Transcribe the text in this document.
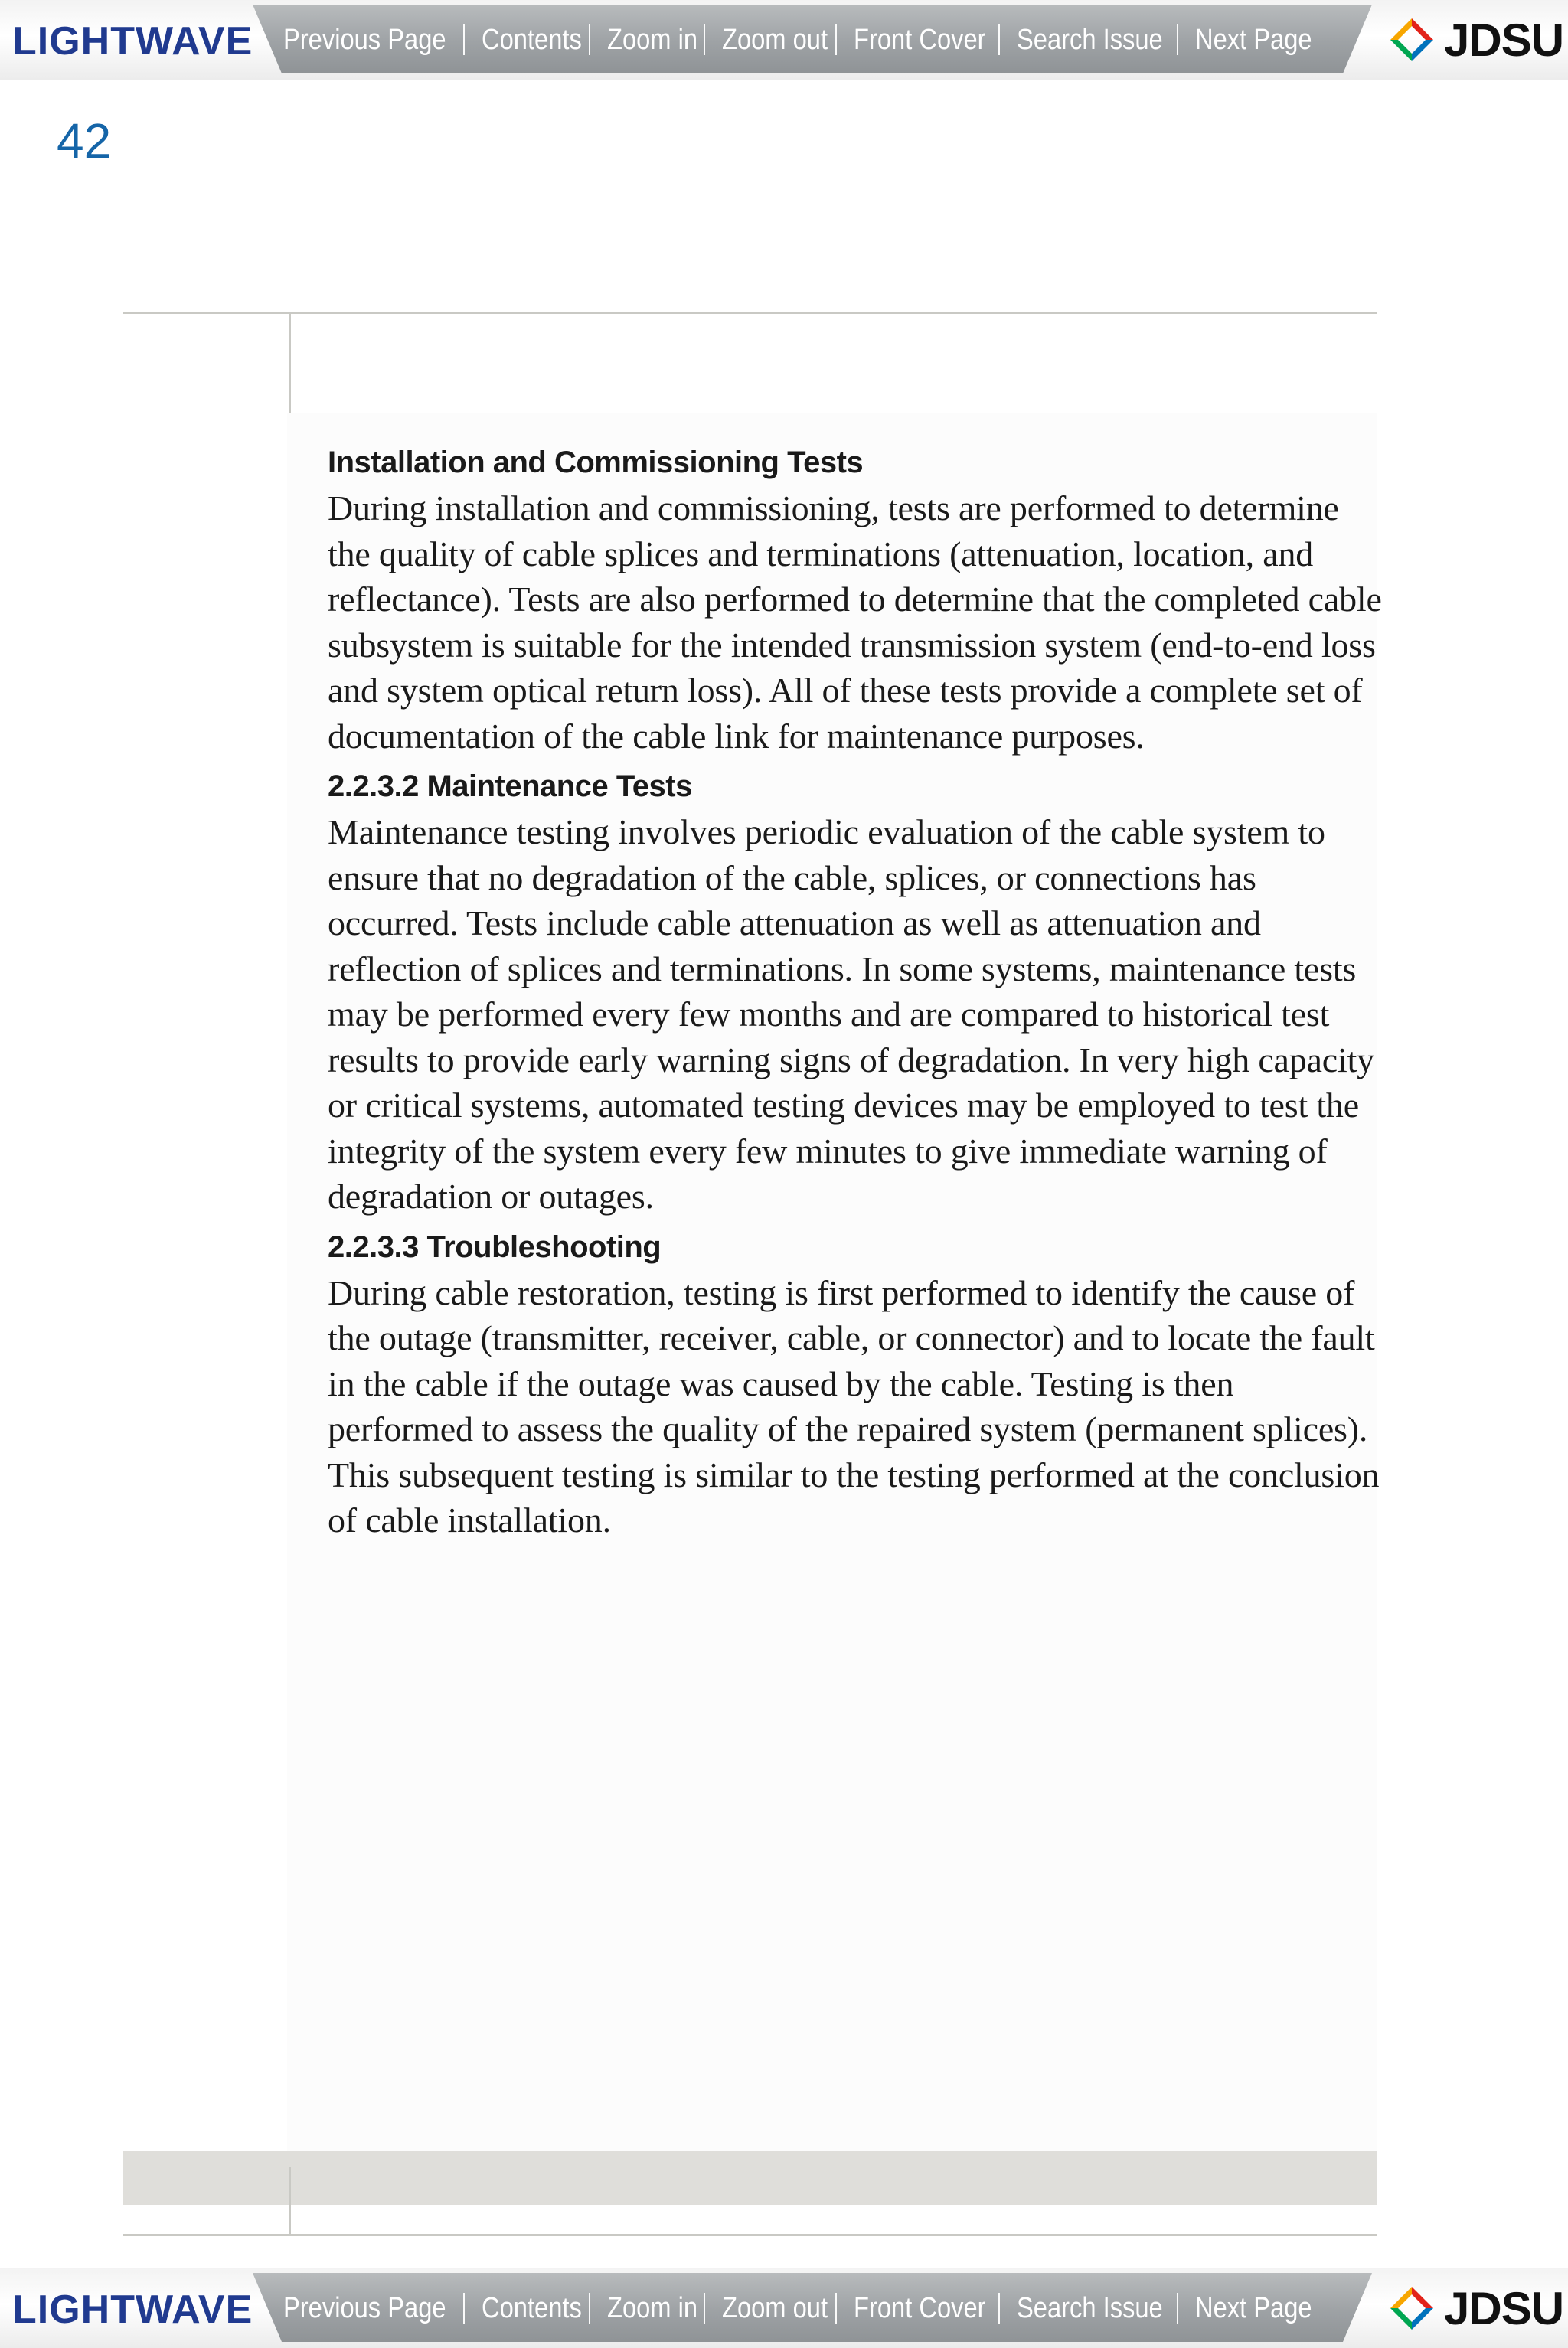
LIGHTWAVE Previous Page Contents Zoom in Zoom out Front Cover Search Issue Next Page	JDSU
42
Installation and Commissioning Tests

During installation and commissioning, tests are performed to determine the quality of cable splices and terminations (attenuation, location, and reflectance). Tests are also performed to determine that the completed cable subsystem is suitable for the intended transmission system (end-to-end loss and system optical return loss). All of these tests provide a complete set of documentation of the cable link for maintenance purposes.

2.2.3.2 Maintenance Tests

Maintenance testing involves periodic evaluation of the cable system to ensure that no degradation of the cable, splices, or connections has occurred. Tests include cable attenuation as well as attenuation and reflection of splices and terminations. In some systems, maintenance tests may be performed every few months and are compared to historical test results to provide early warning signs of degradation. In very high capacity or critical systems, automated testing devices may be employed to test the integrity of the system every few minutes to give immediate warning of degradation or outages.

2.2.3.3 Troubleshooting

During cable restoration, testing is first performed to identify the cause of the outage (transmitter, receiver, cable, or connector) and to locate the fault in the cable if the outage was caused by the cable. Testing is then performed to assess the quality of the repaired system (permanent splices). This subsequent testing is similar to the testing performed at the conclusion of cable installation.

LIGHTWAVE Previous Page Contents Zoom in Zoom out Front Cover Search Issue Next Page	JDSU
